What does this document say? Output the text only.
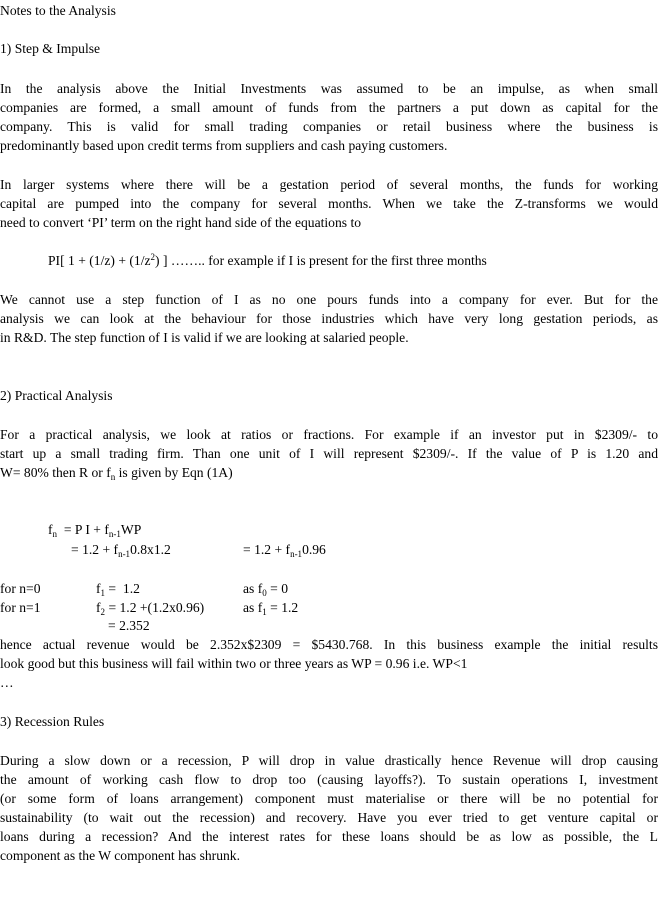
Notes to the Analysis
1) Step & Impulse
In the analysis above the Initial Investments was assumed to be an impulse, as when small
companies are formed, a small amount of funds from the partners a put down as capital for the
company. This is valid for small trading companies or retail business where the business is
predominantly based upon credit terms from suppliers and cash paying customers.
In larger systems where there will be a gestation period of several months, the funds for working
capital are pumped into the company for several months. When we take the Z-transforms we would
need to convert ‘PI’ term on the right hand side of the equations to
PI[ $1 + (1/z) + (1/z^2)$ ] …….. for example if I is present for the first three months
We cannot use a step function of I as no one pours funds into a company for ever. But for the
analysis we can look at the behaviour for those industries which have very long gestation periods, as
in R&D. The step function of I is valid if we are looking at salaried people.
2) Practical Analysis
For a practical analysis, we look at ratios or fractions. For example if an investor put in $2309/- to
start up a small trading firm. Than one unit of I will represent $2309/-. If the value of P is 1.20 and
W= 80% then R or $f_n$ is given by Eqn (1A)
$f_n = P$ $I + f_{n-1}WP$
= $1.2 + f_{n-1}0.8x1.2$	= $1.2 + f_{n-1}0.96$
for n=0	$f_1 = 1.2$	as $f_0 = 0$
for n=1	$f_2 = 1.2 +(1.2x0.96)$	as $f_1 = 1.2$
= 2.352
hence actual revenue would be 2.352x$2309 = $5430.768. In this business example the initial results
look good but this business will fail within two or three years as WP = 0.96 i.e. WP<1
…
3) Recession Rules
During a slow down or a recession, P will drop in value drastically hence Revenue will drop causing
the amount of working cash flow to drop too (causing layoffs?). To sustain operations I, investment
(or some form of loans arrangement) component must materialise or there will be no potential for
sustainability (to wait out the recession) and recovery. Have you ever tried to get venture capital or
loans during a recession? And the interest rates for these loans should be as low as possible, the L
component as the W component has shrunk.
